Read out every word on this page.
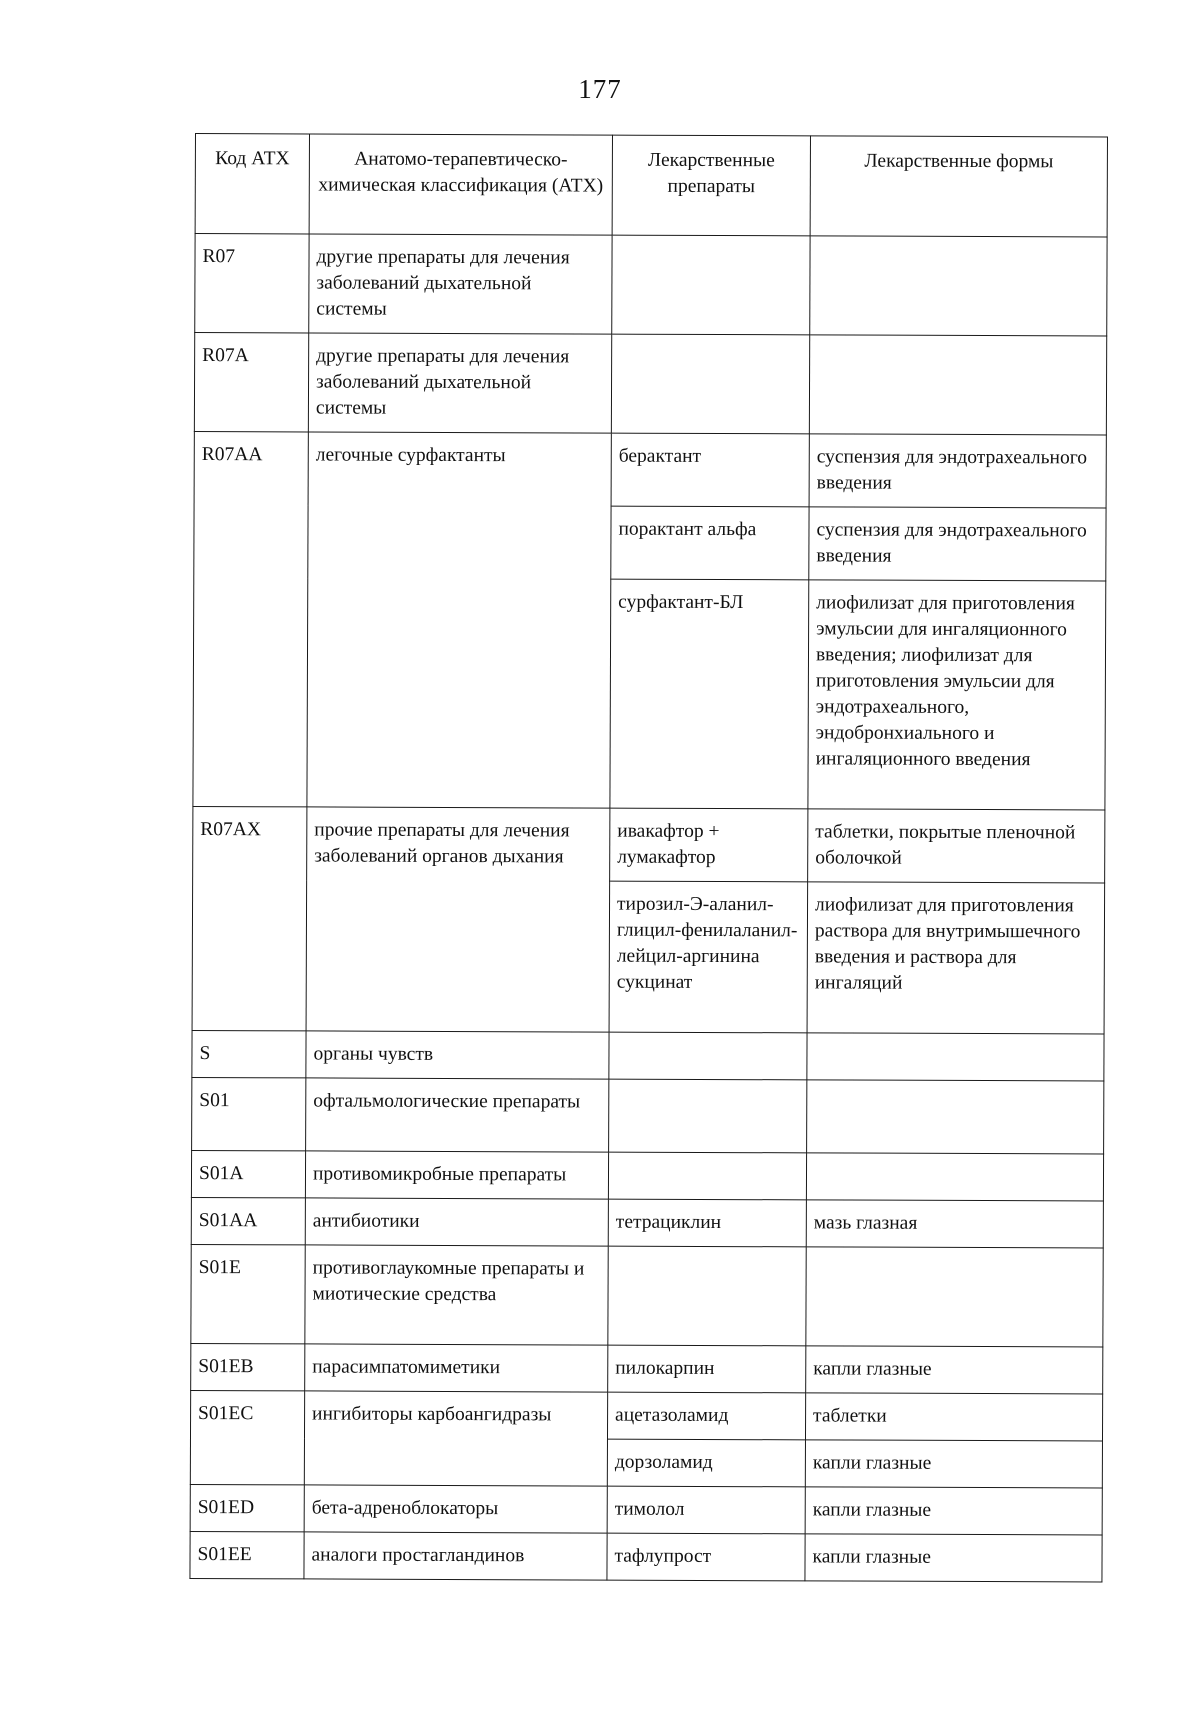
177
Код АТХ	Анатомо-терапевтическо-химическая классификация (АТХ)	Лекарственные препараты	Лекарственные формы
R07	другие препараты для лечения заболеваний дыхательной системы		
R07A	другие препараты для лечения заболеваний дыхательной системы		
R07AA	легочные сурфактанты	берактант	суспензия для эндотрахеального введения
		порактант альфа	суспензия для эндотрахеального введения
		сурфактант-БЛ	лиофилизат для приготовления эмульсии для ингаляционного введения; лиофилизат для приготовления эмульсии для эндотрахеального, эндобронхиального и ингаляционного введения
R07AX	прочие препараты для лечения заболеваний органов дыхания	ивакафтор + лумакафтор	таблетки, покрытые пленочной оболочкой
		тирозил-Э-аланил-глицил-фенилаланил-лейцил-аргинина сукцинат	лиофилизат для приготовления раствора для внутримышечного введения и раствора для ингаляций
S	органы чувств		
S01	офтальмологические препараты		
S01A	противомикробные препараты		
S01AA	антибиотики	тетрациклин	мазь глазная
S01E	противоглаукомные препараты и миотические средства		
S01EB	парасимпатомиметики	пилокарпин	капли глазные
S01EC	ингибиторы карбоангидразы	ацетазоламид	таблетки
		дорзоламид	капли глазные
S01ED	бета-адреноблокаторы	тимолол	капли глазные
S01EE	аналоги простагландинов	тафлупрост	капли глазные
